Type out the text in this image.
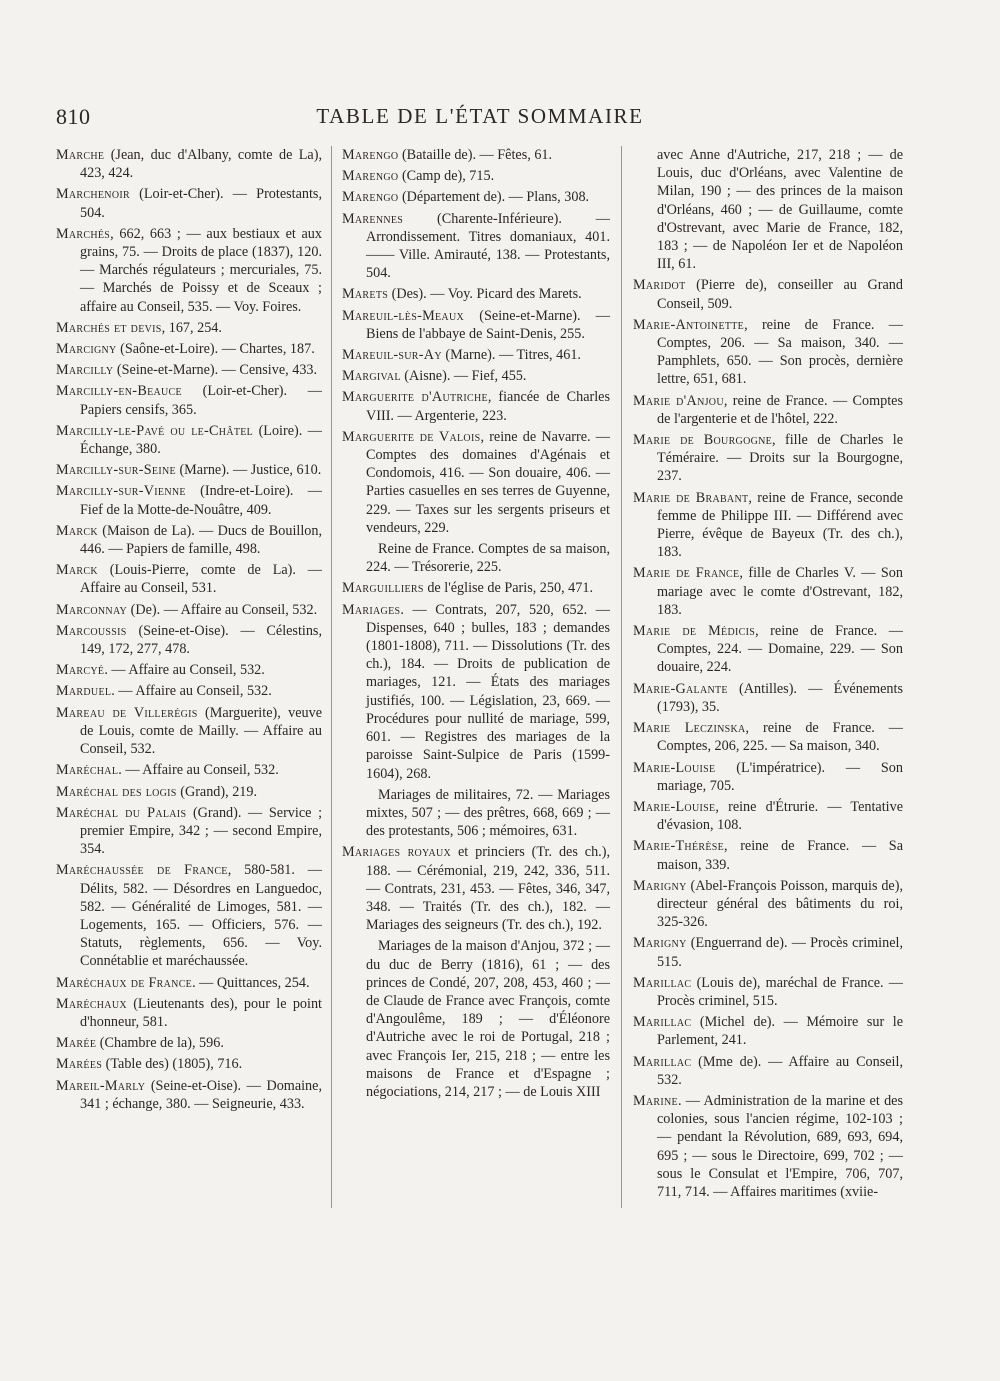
810	TABLE DE L'ÉTAT SOMMAIRE

Marche (Jean, duc d'Albany, comte de La), 423, 424.

Marchenoir (Loir-et-Cher). — Protestants, 504.

Marchés, 662, 663 ; — aux bestiaux et aux grains, 75. — Droits de place (1837), 120. — Marchés régulateurs ; mercuriales, 75. — Marchés de Poissy et de Sceaux ; affaire au Conseil, 535. — Voy. Foires.

Marchés et devis, 167, 254.

Marcigny (Saône-et-Loire). — Chartes, 187.

Marcilly (Seine-et-Marne). — Censive, 433.

Marcilly-en-Beauce (Loir-et-Cher). — Papiers censifs, 365.

Marcilly-le-Pavé ou le-Châtel (Loire). — Échange, 380.

Marcilly-sur-Seine (Marne). — Justice, 610.

Marcilly-sur-Vienne (Indre-et-Loire). — Fief de la Motte-de-Nouâtre, 409.

Marck (Maison de La). — Ducs de Bouillon, 446. — Papiers de famille, 498.

Marck (Louis-Pierre, comte de La). — Affaire au Conseil, 531.

Marconnay (De). — Affaire au Conseil, 532.

Marcoussis (Seine-et-Oise). — Célestins, 149, 172, 277, 478.

Marcyé. — Affaire au Conseil, 532.

Marduel. — Affaire au Conseil, 532.

Mareau de Villerégis (Marguerite), veuve de Louis, comte de Mailly. — Affaire au Conseil, 532.

Maréchal. — Affaire au Conseil, 532.

Maréchal des logis (Grand), 219.

Maréchal du Palais (Grand). — Service ; premier Empire, 342 ; — second Empire, 354.

Maréchaussée de France, 580-581. — Délits, 582. — Désordres en Languedoc, 582. — Généralité de Limoges, 581. — Logements, 165. — Officiers, 576. — Statuts, règlements, 656. — Voy. Connétablie et maréchaussée.

Maréchaux de France. — Quittances, 254.

Maréchaux (Lieutenants des), pour le point d'honneur, 581.

Marée (Chambre de la), 596.

Marées (Table des) (1805), 716.

Mareil-Marly (Seine-et-Oise). — Domaine, 341 ; échange, 380. — Seigneurie, 433.

Marengo (Bataille de). — Fêtes, 61.

Marengo (Camp de), 715.

Marengo (Département de). — Plans, 308.

Marennes (Charente-Inférieure). — Arrondissement. Titres domaniaux, 401. —— Ville. Amirauté, 138. — Protestants, 504.

Marets (Des). — Voy. Picard des Marets.

Mareuil-lès-Meaux (Seine-et-Marne). — Biens de l'abbaye de Saint-Denis, 255.

Mareuil-sur-Ay (Marne). — Titres, 461.

Margival (Aisne). — Fief, 455.

Marguerite d'Autriche, fiancée de Charles VIII. — Argenterie, 223.

Marguerite de Valois, reine de Navarre. — Comptes des domaines d'Agénais et Condomois, 416. — Son douaire, 406. — Parties casuelles en ses terres de Guyenne, 229. — Taxes sur les sergents priseurs et vendeurs, 229.

Reine de France. Comptes de sa maison, 224. — Trésorerie, 225.

Marguilliers de l'église de Paris, 250, 471.

Mariages. — Contrats, 207, 520, 652. — Dispenses, 640 ; bulles, 183 ; demandes (1801-1808), 711. — Dissolutions (Tr. des ch.), 184. — Droits de publication de mariages, 121. — États des mariages justifiés, 100. — Législation, 23, 669. — Procédures pour nullité de mariage, 599, 601. — Registres des mariages de la paroisse Saint-Sulpice de Paris (1599-1604), 268.

Mariages de militaires, 72. — Mariages mixtes, 507 ; — des prêtres, 668, 669 ; — des protestants, 506 ; mémoires, 631.

Mariages royaux et princiers (Tr. des ch.), 188. — Cérémonial, 219, 242, 336, 511. — Contrats, 231, 453. — Fêtes, 346, 347, 348. — Traités (Tr. des ch.), 182. — Mariages des seigneurs (Tr. des ch.), 192.

Mariages de la maison d'Anjou, 372 ; — du duc de Berry (1816), 61 ; — des princes de Condé, 207, 208, 453, 460 ; — de Claude de France avec François, comte d'Angoulême, 189 ; — d'Éléonore d'Autriche avec le roi de Portugal, 218 ; avec François Ier, 215, 218 ; — entre les maisons de France et d'Espagne ; négociations, 214, 217 ; — de Louis XIII

avec Anne d'Autriche, 217, 218 ; — de Louis, duc d'Orléans, avec Valentine de Milan, 190 ; — des princes de la maison d'Orléans, 460 ; — de Guillaume, comte d'Ostrevant, avec Marie de France, 182, 183 ; — de Napoléon Ier et de Napoléon III, 61.

Maridot (Pierre de), conseiller au Grand Conseil, 509.

Marie-Antoinette, reine de France. — Comptes, 206. — Sa maison, 340. — Pamphlets, 650. — Son procès, dernière lettre, 651, 681.

Marie d'Anjou, reine de France. — Comptes de l'argenterie et de l'hôtel, 222.

Marie de Bourgogne, fille de Charles le Téméraire. — Droits sur la Bourgogne, 237.

Marie de Brabant, reine de France, seconde femme de Philippe III. — Différend avec Pierre, évêque de Bayeux (Tr. des ch.), 183.

Marie de France, fille de Charles V. — Son mariage avec le comte d'Ostrevant, 182, 183.

Marie de Médicis, reine de France. — Comptes, 224. — Domaine, 229. — Son douaire, 224.

Marie-Galante (Antilles). — Événements (1793), 35.

Marie Leczinska, reine de France. — Comptes, 206, 225. — Sa maison, 340.

Marie-Louise (L'impératrice). — Son mariage, 705.

Marie-Louise, reine d'Étrurie. — Tentative d'évasion, 108.

Marie-Thérèse, reine de France. — Sa maison, 339.

Marigny (Abel-François Poisson, marquis de), directeur général des bâtiments du roi, 325-326.

Marigny (Enguerrand de). — Procès criminel, 515.

Marillac (Louis de), maréchal de France. — Procès criminel, 515.

Marillac (Michel de). — Mémoire sur le Parlement, 241.

Marillac (Mme de). — Affaire au Conseil, 532.

Marine. — Administration de la marine et des colonies, sous l'ancien régime, 102-103 ; — pendant la Révolution, 689, 693, 694, 695 ; — sous le Directoire, 699, 702 ; — sous le Consulat et l'Empire, 706, 707, 711, 714. — Affaires maritimes (xviie-
